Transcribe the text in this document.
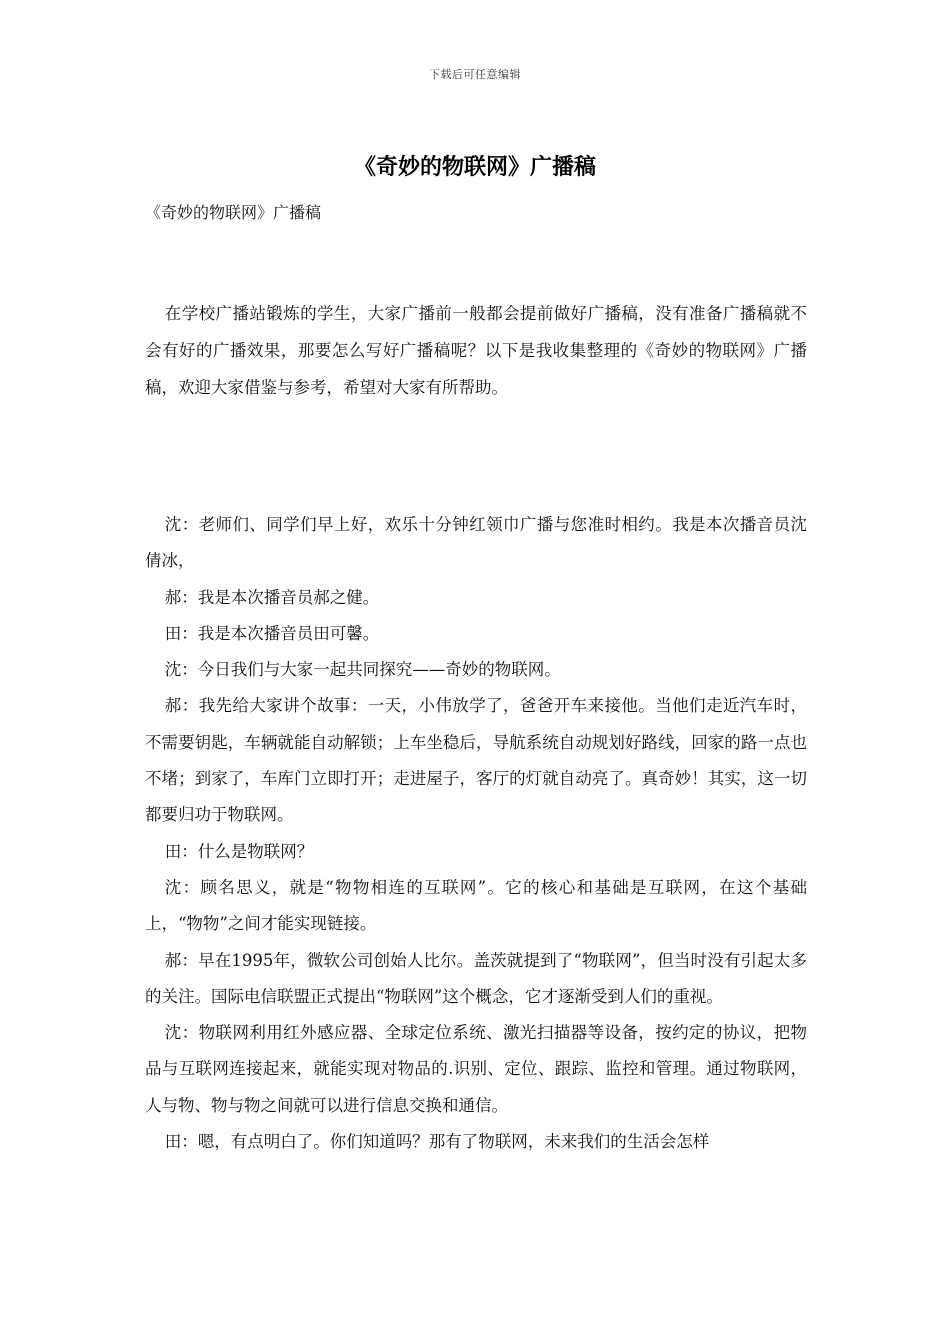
下载后可任意编辑
《奇妙的物联网》广播稿
《奇妙的物联网》广播稿

在学校广播站锻炼的学生，大家广播前一般都会提前做好广播稿，没有准备广播稿就不会有好的广播效果，那要怎么写好广播稿呢？以下是我收集整理的《奇妙的物联网》广播稿，欢迎大家借鉴与参考，希望对大家有所帮助。

沈：老师们、同学们早上好，欢乐十分钟红领巾广播与您准时相约。我是本次播音员沈倩冰，

郝：我是本次播音员郝之健。

田：我是本次播音员田可馨。

沈：今日我们与大家一起共同探究——奇妙的物联网。

郝：我先给大家讲个故事：一天，小伟放学了，爸爸开车来接他。当他们走近汽车时，不需要钥匙，车辆就能自动解锁；上车坐稳后，导航系统自动规划好路线，回家的路一点也不堵；到家了，车库门立即打开；走进屋子，客厅的灯就自动亮了。真奇妙！其实，这一切都要归功于物联网。

田：什么是物联网？

沈：顾名思义，就是“物物相连的互联网”。它的核心和基础是互联网，在这个基础上，“物物”之间才能实现链接。

郝：早在1995年，微软公司创始人比尔。盖茨就提到了“物联网”，但当时没有引起太多的关注。国际电信联盟正式提出“物联网”这个概念，它才逐渐受到人们的重视。

沈：物联网利用红外感应器、全球定位系统、激光扫描器等设备，按约定的协议，把物品与互联网连接起来，就能实现对物品的.识别、定位、跟踪、监控和管理。通过物联网，人与物、物与物之间就可以进行信息交换和通信。

田：嗯，有点明白了。你们知道吗？那有了物联网，未来我们的生活会怎样
